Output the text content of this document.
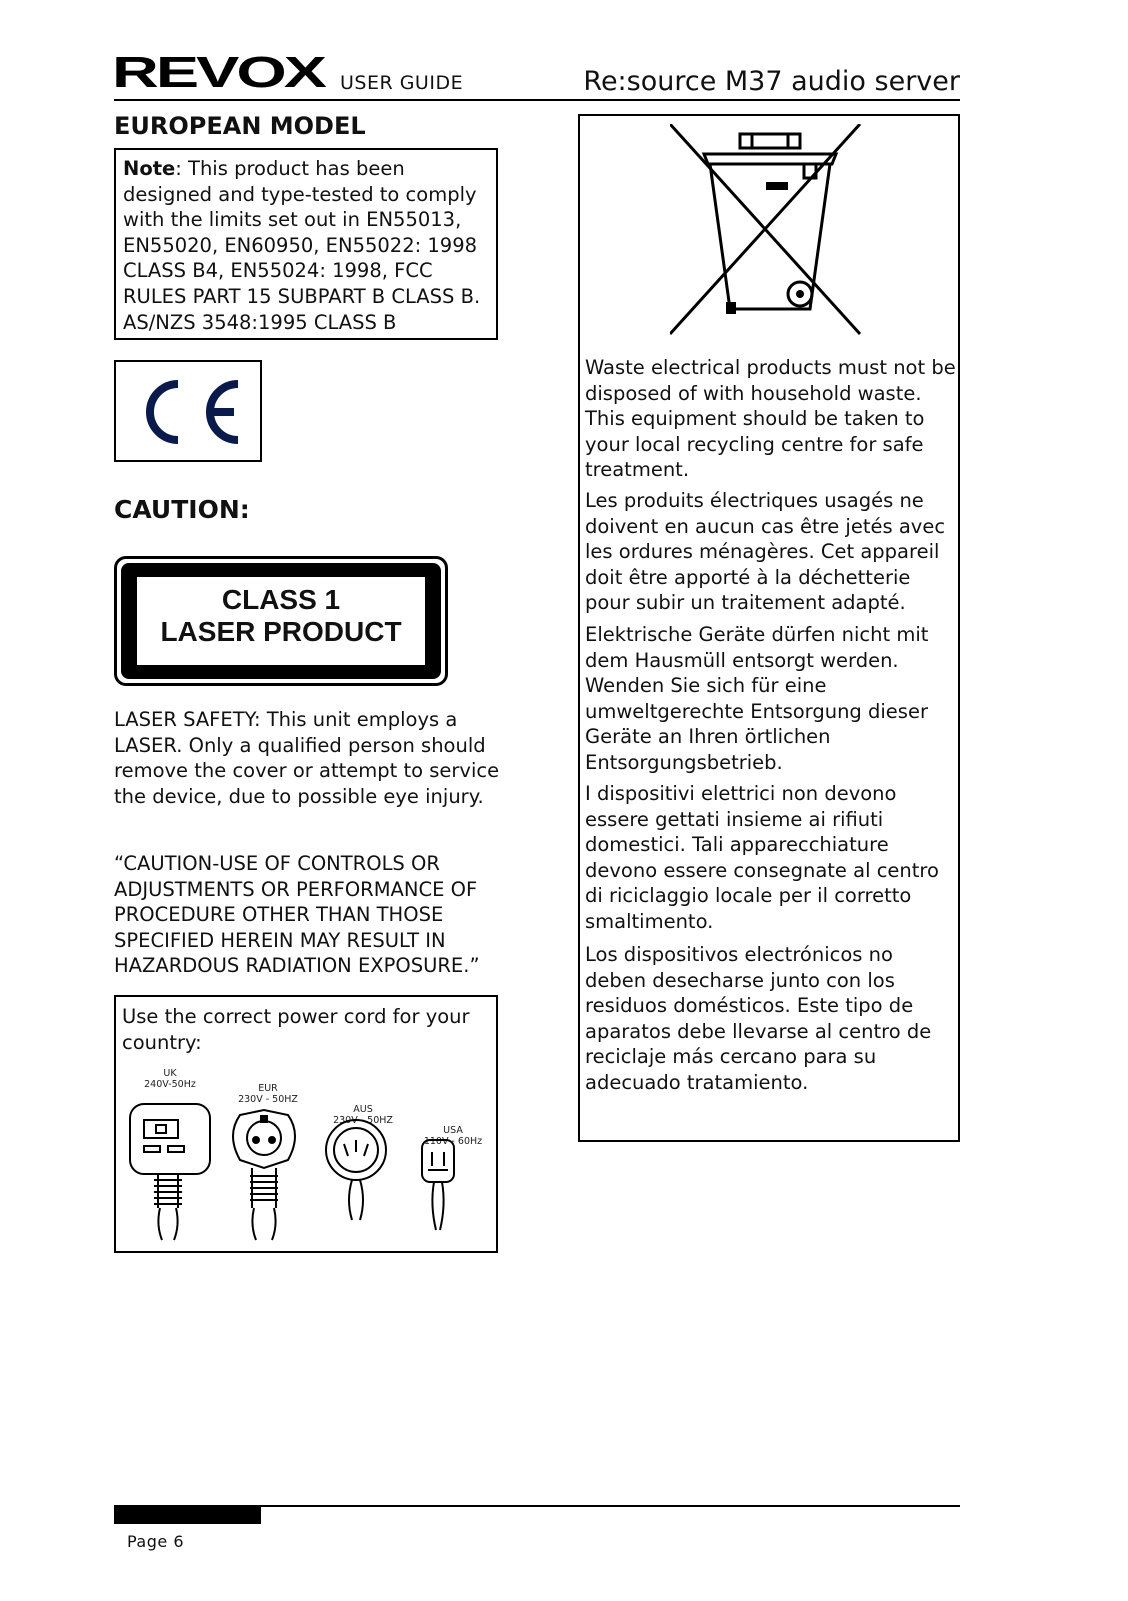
REVOX USER GUIDE	Re:source M37 audio server
EUROPEAN MODEL

Note: This product has been designed and type-tested to comply with the limits set out in EN55013, EN55020, EN60950, EN55022: 1998 CLASS B4, EN55024: 1998, FCC RULES PART 15 SUBPART B CLASS B. AS/NZS 3548:1995 CLASS B

CAUTION:
CLASS 1
LASER PRODUCT

LASER SAFETY: This unit employs a LASER. Only a qualified person should remove the cover or attempt to service the device, due to possible eye injury.

“CAUTION-USE OF CONTROLS OR ADJUSTMENTS OR PERFORMANCE OF PROCEDURE OTHER THAN THOSE SPECIFIED HEREIN MAY RESULT IN HAZARDOUS RADIATION EXPOSURE.”

Use the correct power cord for your country:

UK
240V-50Hz	EUR
230V - 50HZ
AUS
230V - 50HZ
USA
110V - 60Hz

Waste electrical products must not be disposed of with household waste. This equipment should be taken to your local recycling centre for safe treatment.

Les produits électriques usagés ne doivent en aucun cas être jetés avec les ordures ménagères. Cet appareil doit être apporté à la déchetterie pour subir un traitement adapté.

Elektrische Geräte dürfen nicht mit dem Hausmüll entsorgt werden. Wenden Sie sich für eine umweltgerechte Entsorgung dieser Geräte an Ihren örtlichen Entsorgungsbetrieb.

I dispositivi elettrici non devono essere gettati insieme ai rifiuti domestici. Tali apparecchiature devono essere consegnate al centro di riciclaggio locale per il corretto smaltimento.

Los dispositivos electrónicos no deben desecharse junto con los residuos domésticos. Este tipo de aparatos debe llevarse al centro de reciclaje más cercano para su adecuado tratamiento.

Page 6
